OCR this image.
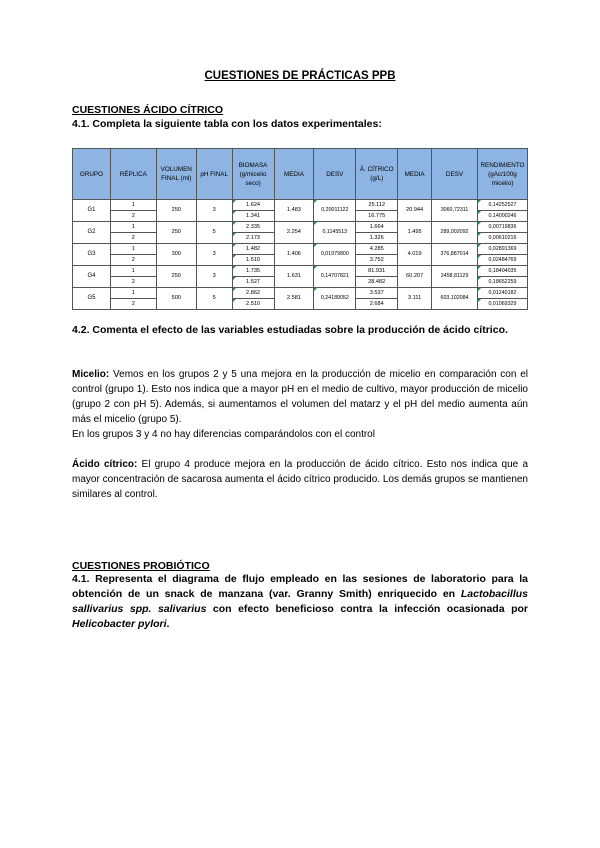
CUESTIONES DE PRÁCTICAS PPB
CUESTIONES ÁCIDO CÍTRICO
4.1. Completa la siguiente tabla con los datos experimentales:
GRUPO	RÉPLICA	VOLUMEN FINAL (ml)	pH FINAL	BIOMASA (g/micelio seco)	MEDIA	DESV	Á. CÍTRICO (g/L)	MEDIA	DESV	RENDIMIENTO (gAc/100g micelio)
G1	1	250	3	1.624	1.483	0,20011122	25.112	20.944	3060,72311	0,14252527
	2			1.341			16.775			0,14000246
G2	1	250	5	2.335	2.254	0,1145513	1.664	1.495	289,002092	0,00719836
	2			2.173			1.326			0,00610216
G3	1	300	3	1.482	1.406	0,01979800	4.285	4.019	376,887014	0,02891369
	2			1.510			3.752			0,02484769
G4	1	250	3	1.735	1.631	0,14707821	81.931	60.207	2458,81129	0,18404035
	2			1.527			28.482			0,18652259
G5	1	500	5	2.862	2.581	0,24189052	3.537	3.111	603,102084	0,01240182
	2			2.510			2.684			0,01069329
4.2. Comenta el efecto de las variables estudiadas sobre la producción de ácido cítrico.
Micelio: Vemos en los grupos 2 y 5 una mejora en la producción de micelio en comparación con el control (grupo 1). Esto nos indica que a mayor pH en el medio de cultivo, mayor producción de micelio (grupo 2 con pH 5). Además, si aumentamos el volumen del matarz y el pH del medio aumenta aún más el micelio (grupo 5).
En los grupos 3 y 4 no hay diferencias comparándolos con el control
Ácido cítrico: El grupo 4 produce mejora en la producción de ácido cítrico. Esto nos indica que a mayor concentración de sacarosa aumenta el ácido cítrico producido. Los demás grupos se mantienen similares al control.
CUESTIONES PROBIÓTICO
4.1. Representa el diagrama de flujo empleado en las sesiones de laboratorio para la obtención de un snack de manzana (var. Granny Smith) enriquecido en Lactobacillus sallivarius spp. salivarius con efecto beneficioso contra la infección ocasionada por Helicobacter pylori.
